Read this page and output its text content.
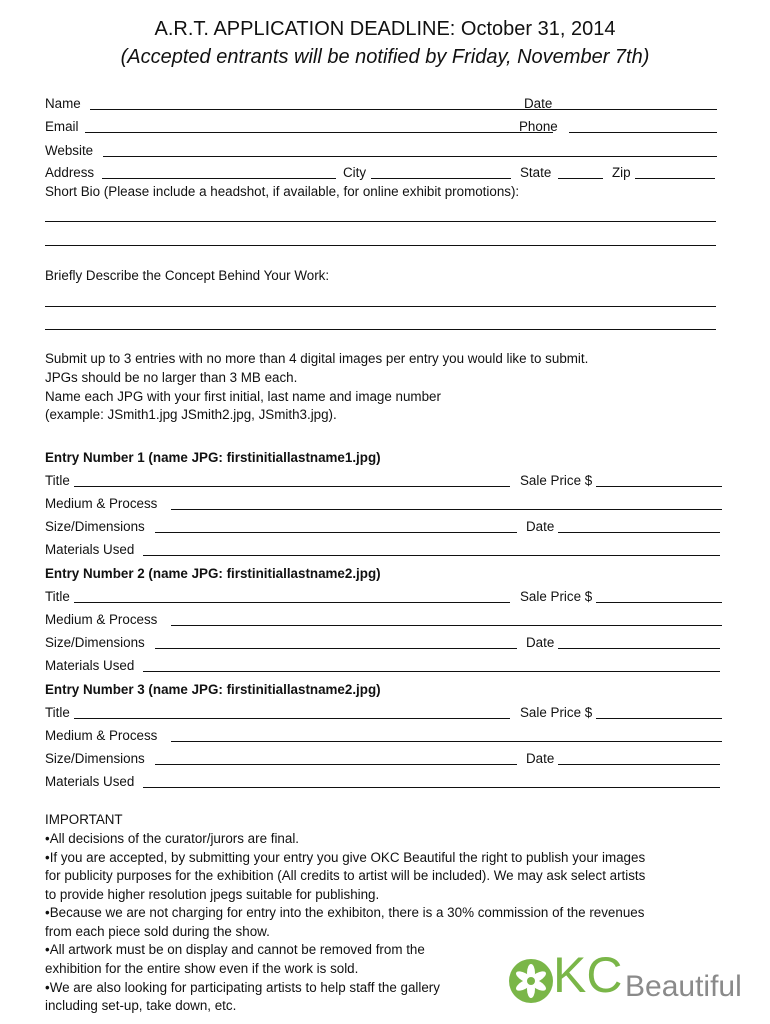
A.R.T. APPLICATION DEADLINE: October 31, 2014
(Accepted entrants will be notified by Friday, November 7th)
Name	Date
Email	Phone
Website
Address	City	State	Zip
Short Bio (Please include a headshot, if available, for online exhibit promotions):
Briefly Describe the Concept Behind Your Work:
Submit up to 3 entries with no more than 4 digital images per entry you would like to submit.
JPGs should be no larger than 3 MB each.
Name each JPG with your first initial, last name and image number
(example: JSmith1.jpg JSmith2.jpg, JSmith3.jpg).
Entry Number 1 (name JPG: firstinitiallastname1.jpg)
Title	Sale Price $
Medium & Process
Size/Dimensions	Date
Materials Used
Entry Number 2 (name JPG: firstinitiallastname2.jpg)
Title	Sale Price $
Medium & Process
Size/Dimensions	Date
Materials Used
Entry Number 3 (name JPG: firstinitiallastname2.jpg)
Title	Sale Price $
Medium & Process
Size/Dimensions	Date
Materials Used
IMPORTANT
•All decisions of the curator/jurors are final.
•If you are accepted, by submitting your entry you give OKC Beautiful the right to publish your images
for publicity purposes for the exhibition (All credits to artist will be included). We may ask select artists
to provide higher resolution jpegs suitable for publishing.
•Because we are not charging for entry into the exhibiton, there is a 30% commission of the revenues
from each piece sold during the show.
•All artwork must be on display and cannot be removed from the
exhibition for the entire show even if the work is sold.
•We are also looking for participating artists to help staff the gallery
including set-up, take down, etc.
KC Beautiful
